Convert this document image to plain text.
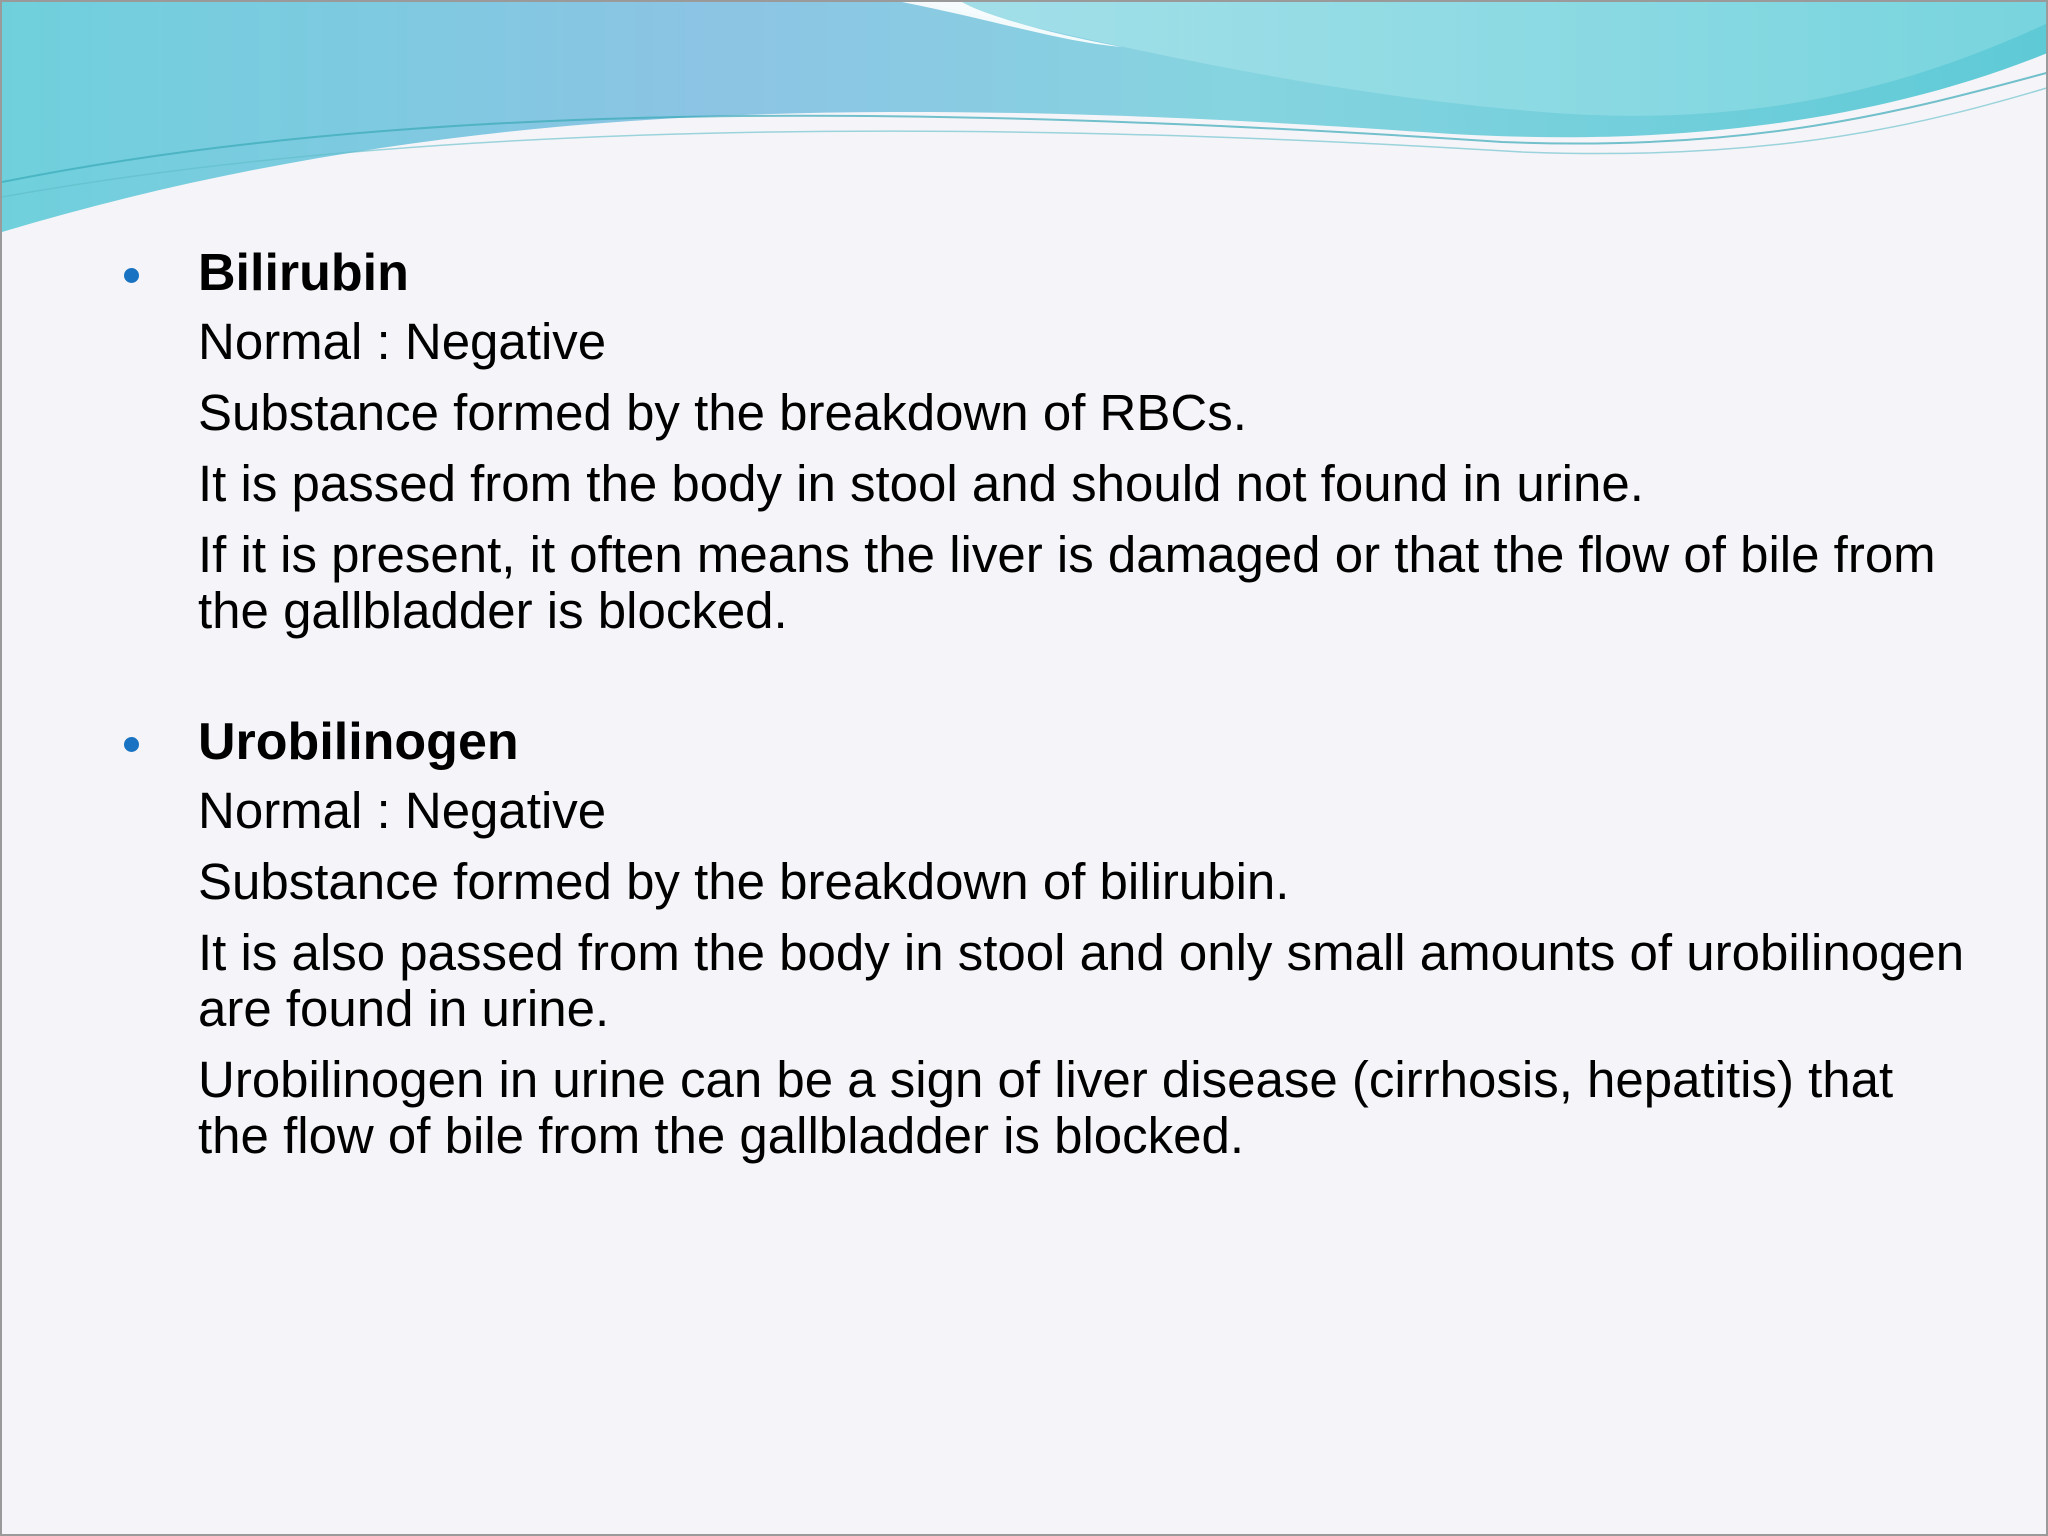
Bilirubin
Normal : Negative
Substance formed by the breakdown of RBCs.
It is passed from the body in stool and should not found in urine.
If it is present, it often means the liver is damaged or that the flow of bile from the gallbladder is blocked.
Urobilinogen
Normal : Negative
Substance formed by the breakdown of bilirubin.
It is also passed from the body in stool and only small amounts of urobilinogen are found in urine.
Urobilinogen in urine can be a sign of liver disease (cirrhosis, hepatitis) that the flow of bile from the gallbladder is blocked.
